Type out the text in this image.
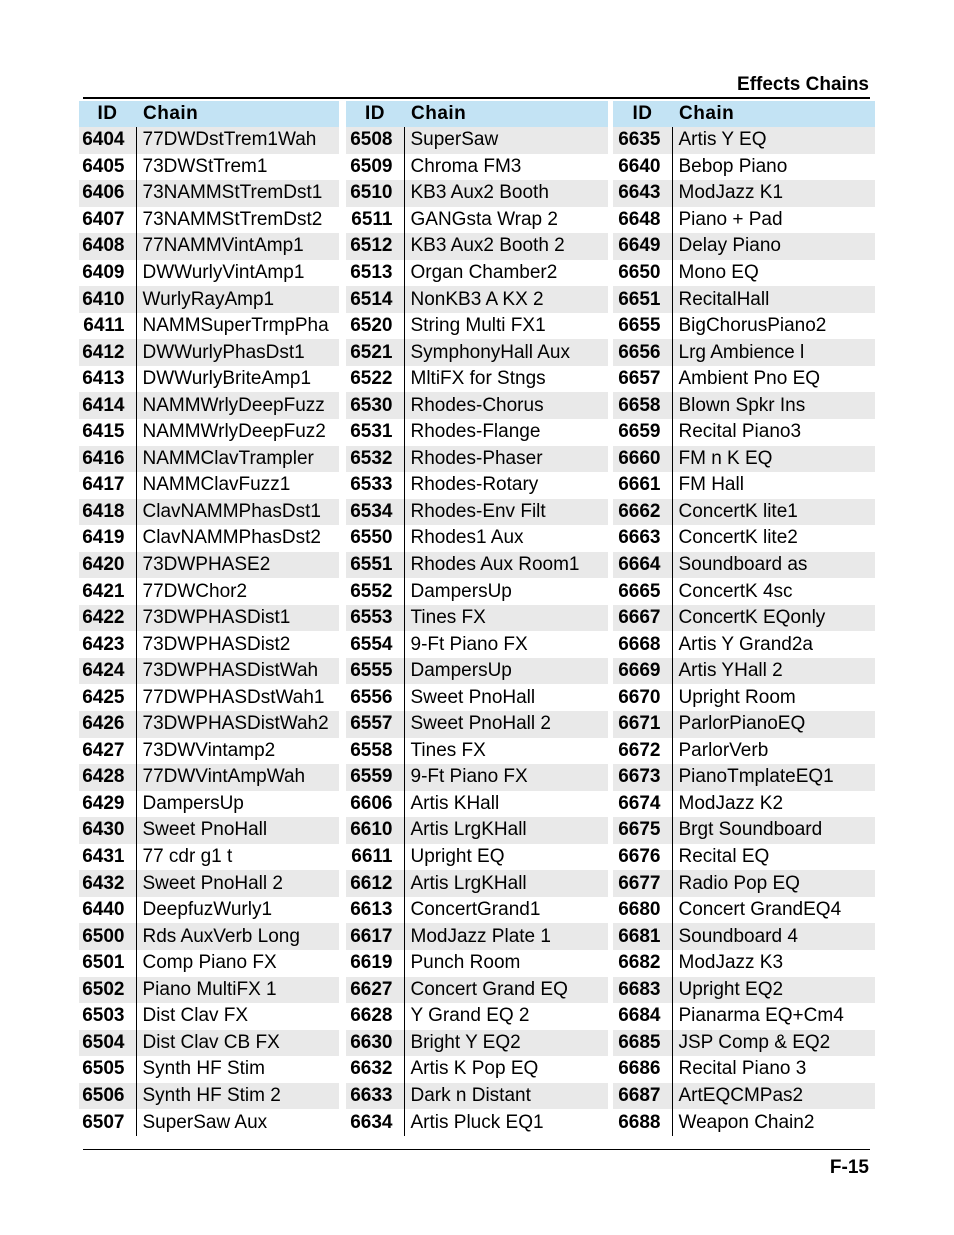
Effects Chains
ID	Chain
6404	77DWDstTrem1Wah
6405	73DWStTrem1
6406	73NAMMStTremDst1
6407	73NAMMStTremDst2
6408	77NAMMVintAmp1
6409	DWWurlyVintAmp1
6410	WurlyRayAmp1
6411	NAMMSuperTrmpPha
6412	DWWurlyPhasDst1
6413	DWWurlyBriteAmp1
6414	NAMMWrlyDeepFuzz
6415	NAMMWrlyDeepFuz2
6416	NAMMClavTrampler
6417	NAMMClavFuzz1
6418	ClavNAMMPhasDst1
6419	ClavNAMMPhasDst2
6420	73DWPHASE2
6421	77DWChor2
6422	73DWPHASDist1
6423	73DWPHASDist2
6424	73DWPHASDistWah
6425	77DWPHASDstWah1
6426	73DWPHASDistWah2
6427	73DWVintamp2
6428	77DWVintAmpWah
6429	DampersUp
6430	Sweet PnoHall
6431	77 cdr g1 t
6432	Sweet PnoHall 2
6440	DeepfuzWurly1
6500	Rds AuxVerb Long
6501	Comp Piano FX
6502	Piano MultiFX 1
6503	Dist Clav FX
6504	Dist Clav CB FX
6505	Synth HF Stim
6506	Synth HF Stim 2
6507	SuperSaw Aux
ID	Chain
6508	SuperSaw
6509	Chroma FM3
6510	KB3 Aux2 Booth
6511	GANGsta Wrap 2
6512	KB3 Aux2 Booth 2
6513	Organ Chamber2
6514	NonKB3 A KX 2
6520	String Multi FX1
6521	SymphonyHall Aux
6522	MltiFX for Stngs
6530	Rhodes-Chorus
6531	Rhodes-Flange
6532	Rhodes-Phaser
6533	Rhodes-Rotary
6534	Rhodes-Env Filt
6550	Rhodes1 Aux
6551	Rhodes Aux Room1
6552	DampersUp
6553	Tines FX
6554	9-Ft Piano FX
6555	DampersUp
6556	Sweet PnoHall
6557	Sweet PnoHall 2
6558	Tines FX
6559	9-Ft Piano FX
6606	Artis KHall
6610	Artis LrgKHall
6611	Upright EQ
6612	Artis LrgKHall
6613	ConcertGrand1
6617	ModJazz Plate 1
6619	Punch Room
6627	Concert Grand EQ
6628	Y Grand EQ 2
6630	Bright Y EQ2
6632	Artis K Pop EQ
6633	Dark n Distant
6634	Artis Pluck EQ1
ID	Chain
6635	Artis Y EQ
6640	Bebop Piano
6643	ModJazz K1
6648	Piano + Pad
6649	Delay Piano
6650	Mono EQ
6651	RecitalHall
6655	BigChorusPiano2
6656	Lrg Ambience l
6657	Ambient Pno EQ
6658	Blown Spkr Ins
6659	Recital Piano3
6660	FM n K EQ
6661	FM Hall
6662	ConcertK lite1
6663	ConcertK lite2
6664	Soundboard as
6665	ConcertK 4sc
6667	ConcertK EQonly
6668	Artis Y Grand2a
6669	Artis YHall 2
6670	Upright Room
6671	ParlorPianoEQ
6672	ParlorVerb
6673	PianoTmplateEQ1
6674	ModJazz K2
6675	Brgt Soundboard
6676	Recital EQ
6677	Radio Pop EQ
6680	Concert GrandEQ4
6681	Soundboard 4
6682	ModJazz K3
6683	Upright EQ2
6684	Pianarma EQ+Cm4
6685	JSP Comp & EQ2
6686	Recital Piano 3
6687	ArtEQCMPas2
6688	Weapon Chain2
F-15
